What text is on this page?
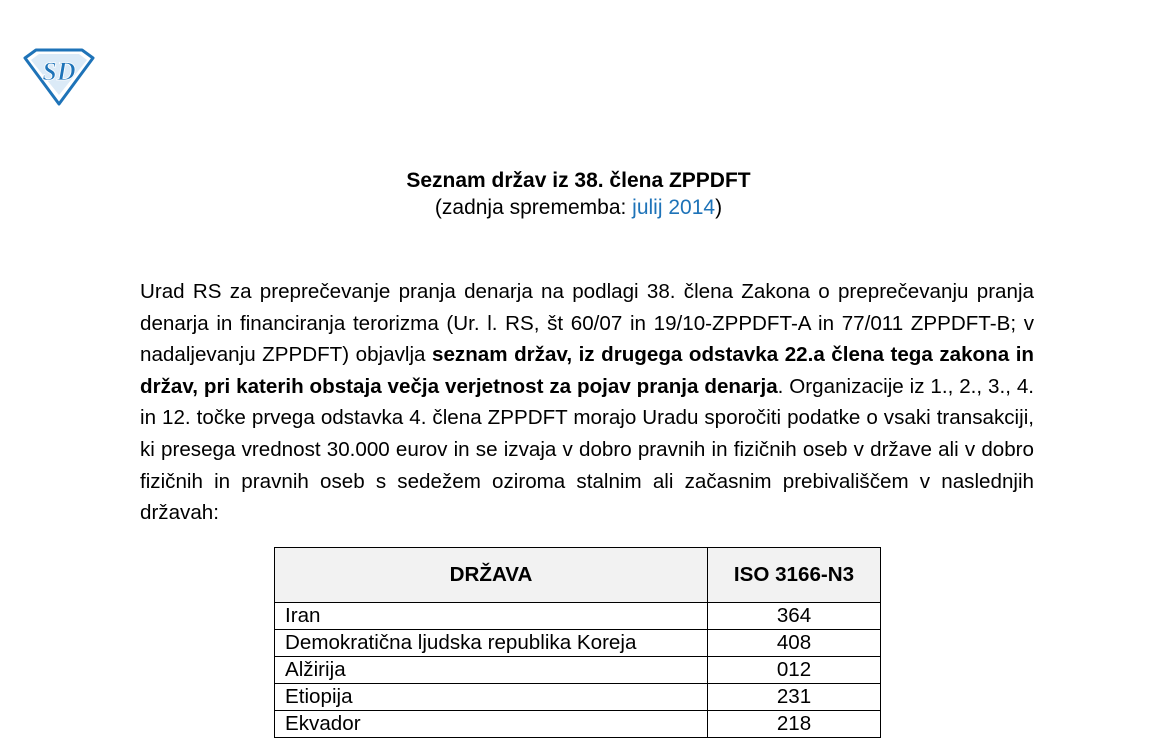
SD
Seznam držav iz 38. člena ZPPDFT
(zadnja sprememba: julij 2014)

Urad RS za preprečevanje pranja denarja na podlagi 38. člena Zakona o preprečevanju pranja denarja in financiranja terorizma (Ur. l. RS, št 60/07 in 19/10-ZPPDFT-A in 77/011 ZPPDFT-B; v nadaljevanju ZPPDFT) objavlja seznam držav, iz drugega odstavka 22.a člena tega zakona in držav, pri katerih obstaja večja verjetnost za pojav pranja denarja. Organizacije iz 1., 2., 3., 4. in 12. točke prvega odstavka 4. člena ZPPDFT morajo Uradu sporočiti podatke o vsaki transakciji, ki presega vrednost 30.000 eurov in se izvaja v dobro pravnih in fizičnih oseb v države ali v dobro fizičnih in pravnih oseb s sedežem oziroma stalnim ali začasnim prebivališčem v naslednjih državah:

DRŽAVA	ISO 3166-N3
Iran	364
Demokratična ljudska republika Koreja	408
Alžirija	012
Etiopija	231
Ekvador	218
